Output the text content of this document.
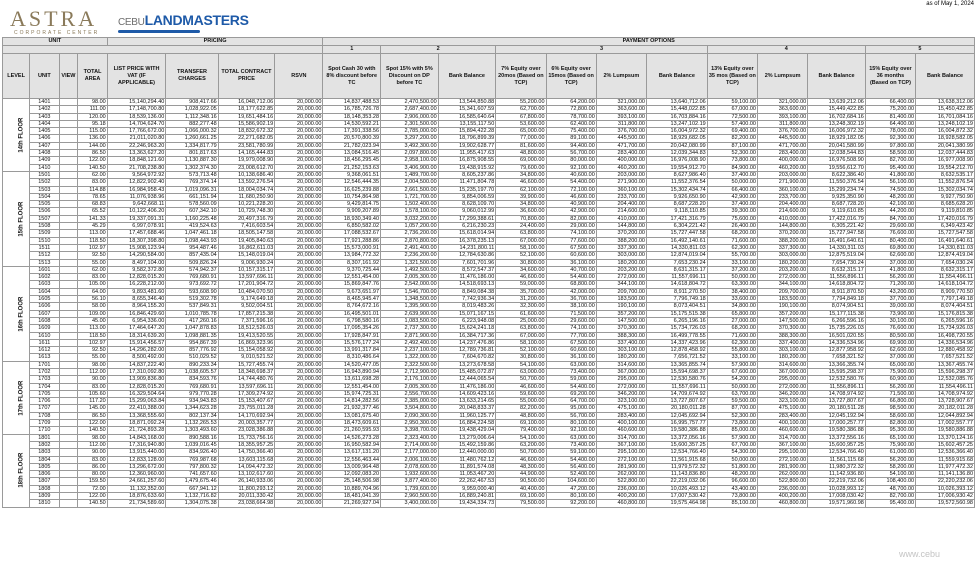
ASTRA
CORPORATE CENTER
CEBULANDMASTERS
as of May 1, 2024
UNIT				PRICING				PAYMENT OPTIONS											
								1	2		3				4			5	
LEVEL	UNIT	VIEW	TOTAL AREA	LIST PRICE WITH VAT (IF APPLICABLE)	TRANSFER CHARGES	TOTAL CONTRACT PRICE	RSVN	Spot Cash 30 with 8% discount before TC	Spot 15% with 5% Discount on DP before TC	Bank Balance	7% Equity over 20mos (Based on TCP)	6% Equity over 15mos (Based on TCP)	2% Lumpsum	Bank Balance	13% Equity over 35 mos (Based on TCP)	2% Lumpsum	Bank Balance	15% Equity over 36 months (Based on TCP)	Bank Balance
14th FLOOR	1401		98.00	15,140,294.40	908,417.66	16,048,712.06	20,000.00	14,837,488.53	2,470,500.00	13,544,850.88	55,200.00	64,200.00	321,000.00	13,640,712.06	59,100.00	321,000.00	13,639,212.06	66,400.00	13,638,312.06
	1402		111.00	17,148,700.80	1,028,922.05	18,177,622.85	20,000.00	16,785,726.78	2,687,400.00	15,341,607.59	62,700.00	72,800.00	363,600.00	15,448,022.85	67,000.00	363,600.00	15,449,422.85	75,200.00	15,450,422.85
	1403		120.00	18,539,136.00	1,112,348.16	19,651,484.16	20,000.00	18,148,353.28	2,906,000.00	16,585,640.64	67,800.00	78,700.00	393,100.00	16,703,884.16	72,500.00	393,100.00	16,702,684.16	81,400.00	16,701,084.16
	1404		95.18	14,704,624.70	882,277.48	15,586,902.19	20,000.00	14,530,592.21	2,301,500.00	13,155,117.50	53,600.00	62,400.00	311,800.00	13,247,102.19	57,400.00	311,800.00	13,248,302.19	64,400.00	13,248,102.19
	1405		115.00	17,766,672.00	1,066,000.32	18,832,672.32	20,000.00	17,391,338.56	2,785,000.00	15,894,422.28	65,000.00	75,400.00	376,700.00	16,004,972.32	69,400.00	376,700.00	16,006,972.32	78,000.00	16,004,872.32
	1406		136.00	21,011,020.80	1,260,661.25	22,271,682.05	20,000.00	20,570,800.39	3,297,200.00	18,796,899.39	77,000.00	89,100.00	445,500.00	18,929,682.05	82,200.00	445,500.00	18,929,182.05	92,300.00	18,928,582.05
	1407		144.00	22,246,963.20	1,334,817.79	23,581,780.99	20,000.00	21,782,023.94	3,492,300.00	19,902,628.77	81,600.00	94,400.00	471,700.00	20,042,080.99	87,100.00	471,700.00	20,041,580.99	97,800.00	20,041,380.99
	1408		86.50	13,363,627.20	801,817.63	14,165,444.83	20,000.00	13,084,516.45	2,097,800.00	11,955,417.63	48,800.00	56,700.00	283,400.00	12,039,344.83	52,300.00	283,400.00	12,038,544.83	58,500.00	12,037,444.83
	1409		122.00	18,848,121.60	1,130,887.30	19,979,008.90	20,000.00	18,456,295.45	2,958,100.00	16,875,908.55	69,000.00	80,000.00	400,000.00	16,976,008.90	73,800.00	400,000.00	16,976,508.90	82,700.00	16,977,008.90
	1410		140.50	21,708,238.80	1,302,374.30	23,008,612.70	20,000.00	21,252,153.63	3,406,900.00	19,438,915.92	79,600.00	92,100.00	460,200.00	19,554,912.70	84,900.00	460,200.00	19,556,612.70	95,400.00	19,554,212.70
15th FLOOR	1501		62.00	9,564,972.92	573,713.48	10,138,686.40	20,000.00	9,368,061.51	1,489,700.00	8,605,237.86	34,800.00	40,600.00	203,000.00	8,627,986.40	37,400.00	203,000.00	8,622,386.40	41,800.00	8,632,535.17
	1502		83.00	12,822,902.40	769,374.14	13,592,276.54	20,000.00	12,546,444.35	2,004,500.00	11,471,804.78	46,600.00	54,400.00	271,900.00	11,552,376.54	50,000.00	271,900.00	11,550,376.54	56,100.00	11,552,876.54
	1503		114.88	16,984,958.43	1,019,096.31	18,004,034.74	20,000.00	16,625,239.88	2,661,500.00	15,235,197.70	62,100.00	72,100.00	360,100.00	15,302,434.74	66,400.00	360,100.00	15,299,234.74	74,500.00	15,302,034.74
	1504		78.65	11,076,938.96	661,151.94	11,680,250.90	20,000.00	10,754,864.98	1,721,700.00	9,854,006.59	39,900.00	46,600.00	233,700.00	9,926,650.90	42,900.00	233,700.00	9,925,350.90	48,200.00	9,927,750.90
	1505		68.83	9,642,668.11	578,560.09	10,221,228.20	20,000.00	9,429,814.75	1,502,400.00	8,628,109.70	34,800.00	40,900.00	204,400.00	8,687,228.20	37,400.00	204,400.00	8,687,728.20	42,100.00	8,685,628.20
	1506		65.52	10,122,406.20	607,342.10	10,729,748.30	20,000.00	9,909,207.89	1,578,100.00	9,060,012.99	36,600.00	42,900.00	214,600.00	9,118,110.85	39,300.00	214,600.00	9,119,610.85	44,200.00	9,119,810.85
	1507		141.33	19,337,091.31	1,160,225.48	20,497,316.79	20,000.00	18,930,349.40	3,032,200.00	17,299,388.61	70,800.00	82,000.00	410,000.00	17,421,316.79	75,600.00	410,000.00	17,422,016.79	84,700.00	17,420,016.79
	1508		45.29	6,997,078.91	419,524.63	7,416,603.54	20,000.00	6,850,582.02	1,057,200.00	6,216,230.23	24,400.00	29,000.00	144,800.00	6,304,221.42	26,400.00	144,800.00	6,305,221.42	29,600.00	6,349,423.42
	1509		113.00	17,457,688.46	1,047,461.18	18,505,147.58	20,000.00	17,088,532.67	2,736,200.00	15,618,014.94	63,800.00	74,100.00	370,200.00	15,727,447.58	68,200.00	370,200.00	15,727,947.58	76,600.00	15,727,547.58
	1510		118.50	18,307,398.80	1,098,443.93	19,405,840.63	20,000.00	17,921,288.86	2,870,800.00	16,378,235.13	67,000.00	77,600.00	388,200.00	16,492,140.61	71,600.00	388,200.00	16,491,640.61	80,400.00	16,491,640.61
	1511		102.97	15,908,123.94	954,487.46	16,862,611.03	20,000.00	15,573,000.91	2,491,400.00	14,231,800.11	58,100.00	67,500.00	337,300.00	14,330,811.03	62,300.00	337,300.00	14,330,311.03	69,800.00	14,330,811.03
	1512		92.50	14,290,584.00	857,435.04	15,148,019.04	20,000.00	13,984,772.32	2,236,200.00	12,784,630.86	52,100.00	60,600.00	303,000.00	12,874,019.04	55,700.00	303,000.00	12,875,519.04	62,600.00	12,874,419.04
	1513		55.00	8,497,104.00	509,826.24	9,006,930.24	20,000.00	8,307,161.92	1,321,500.00	7,601,701.96	30,800.00	36,100.00	180,200.00	7,653,230.24	33,100.00	180,200.00	7,654,730.24	37,000.00	7,654,030.24
16th FLOOR	1601		62.00	9,582,372.80	574,942.37	10,157,315.17	20,000.00	9,370,725.44	1,492,500.00	8,572,547.37	34,600.00	40,700.00	203,200.00	8,631,315.17	37,200.00	203,200.00	8,632,315.17	41,800.00	8,632,315.17
	1602		83.00	12,828,015.20	769,680.91	13,597,696.11	20,000.00	12,551,454.00	2,005,300.00	11,476,186.00	46,600.00	54,400.00	272,000.00	11,557,696.11	50,000.00	272,000.00	11,556,896.11	56,200.00	11,554,496.11
	1603		105.00	16,228,212.00	973,692.72	17,201,904.72	20,000.00	15,869,847.76	2,542,000.00	14,518,693.13	59,000.00	68,800.00	344,100.00	14,618,804.72	63,300.00	344,100.00	14,618,804.72	71,200.00	14,618,104.72
	1604		64.00	9,893,481.60	593,608.90	10,484,070.50	20,000.00	9,673,651.97	1,546,700.00	8,849,084.38	35,700.00	42,000.00	209,700.00	8,911,270.50	38,400.00	209,700.00	8,911,870.50	43,200.00	8,909,770.50
	1605		56.10	8,655,346.40	519,302.78	9,174,649.18	20,000.00	8,465,945.47	1,348,500.00	7,742,936.34	31,200.00	36,700.00	183,500.00	7,796,749.18	33,600.00	183,500.00	7,794,849.18	37,700.00	7,797,149.18
	1606		58.00	8,964,155.20	537,849.31	9,502,004.51	20,000.00	8,764,672.16	1,395,900.00	8,019,483.26	32,300.00	38,100.00	190,100.00	8,073,404.51	34,800.00	190,100.00	8,074,904.51	39,000.00	8,074,404.51
	1607		109.00	16,846,429.60	1,010,785.78	17,857,215.38	20,000.00	16,495,501.01	2,639,900.00	15,071,167.15	61,600.00	71,500.00	357,200.00	15,175,515.38	65,800.00	357,200.00	15,177,115.38	73,900.00	15,176,815.38
	1608		45.00	6,954,336.00	417,260.16	7,371,596.16	20,000.00	6,798,580.16	1,083,500.00	6,223,948.08	25,000.00	29,600.00	147,500.00	6,265,196.16	27,000.00	147,500.00	6,266,596.16	30,100.00	6,265,596.16
	1609		113.00	17,464,647.20	1,047,878.83	18,512,526.03	20,000.00	17,095,354.26	2,737,300.00	15,624,241.18	63,800.00	74,100.00	370,300.00	15,734,726.03	68,200.00	370,300.00	15,735,226.03	76,600.00	15,734,926.03
	1610		118.50	18,314,639.20	1,098,881.35	19,413,520.55	20,000.00	17,928,847.91	2,871,900.00	16,384,717.36	67,000.00	77,700.00	388,300.00	16,499,778.55	71,600.00	388,300.00	16,501,020.55	80,500.00	16,498,720.55
	1611		102.97	15,914,456.57	954,867.39	16,869,323.96	20,000.00	15,576,177.24	2,492,400.00	14,237,476.86	58,100.00	67,500.00	337,400.00	14,337,423.96	62,300.00	337,400.00	14,336,534.96	69,900.00	14,336,534.96
	1612		92.50	14,296,282.00	857,776.92	15,154,058.92	20,000.00	13,991,317.84	2,237,100.00	12,789,736.81	52,100.00	60,600.00	303,100.00	12,878,458.92	55,800.00	303,100.00	12,877,958.92	62,600.00	12,880,458.92
	1613		55.00	8,500,492.00	510,029.52	9,010,521.52	20,000.00	8,310,486.64	1,322,000.00	7,604,670.82	30,800.00	36,100.00	180,200.00	7,656,721.52	33,100.00	180,200.00	7,658,321.52	37,000.00	7,657,521.52
17th FLOOR	1701		98.00	14,837,222.40	890,233.34	15,727,455.74	20,000.00	14,520,477.05	2,322,500.00	13,273,678.58	54,100.00	63,000.00	314,600.00	13,365,855.74	57,900.00	314,600.00	13,366,355.74	65,000.00	13,367,455.74
	1702		112.00	17,310,092.80	1,038,605.57	18,348,698.37	20,000.00	16,943,890.94	2,712,900.00	15,485,072.87	63,000.00	73,400.00	367,000.00	15,594,698.37	67,600.00	367,000.00	15,595,298.37	75,900.00	15,596,298.37
	1703		90.00	13,909,836.80	834,593.76	14,744,480.76	20,000.00	13,611,698.28	2,176,100.00	12,444,065.54	50,700.00	59,000.00	295,000.00	12,530,580.76	54,200.00	295,000.00	12,532,580.76	60,900.00	12,532,085.76
	1704		83.00	12,828,015.20	769,680.91	13,597,696.11	20,000.00	12,551,454.00	2,005,300.00	11,476,186.00	46,600.00	54,400.00	272,000.00	11,557,696.11	50,000.00	272,000.00	11,556,896.11	56,200.00	11,554,496.11
	1705		105.60	16,329,504.64	979,770.28	17,309,274.92	20,000.00	15,974,725.31	2,556,700.00	14,609,423.16	59,600.00	69,200.00	346,200.00	14,709,674.92	63,700.00	346,200.00	14,708,974.92	71,500.00	14,708,974.92
	1706		117.20	15,299,063.84	934,943.83	15,153,407.67	20,000.00	14,814,282.56	2,385,000.00	13,633,214.65	55,000.00	64,700.00	323,100.00	13,727,807.67	59,500.00	323,100.00	13,727,807.67	66,800.00	13,728,907.67
	1707		145.00	22,410,388.00	1,344,623.28	23,755,011.28	20,000.00	21,932,377.46	3,504,800.00	20,048,833.37	82,200.00	95,000.00	475,100.00	20,180,011.28	87,700.00	475,100.00	20,180,511.28	98,500.00	20,182,011.28
	1708		86.50	13,368,555.60	802,137.34	14,170,692.94	20,000.00	13,081,675.40	2,090,300.00	11,960,125.77	48,800.00	56,700.00	283,400.00	12,045,692.94	52,300.00	283,400.00	12,045,192.94	58,600.00	12,044,892.94
	1709		122.00	18,871,092.24	1,132,265.53	20,003,357.77	20,000.00	18,473,609.61	2,950,300.00	16,884,224.58	69,100.00	80,100.00	400,100.00	16,995,757.77	73,800.00	400,100.00	17,000,257.77	82,800.00	17,002,557.77
	1710		140.50	21,724,893.28	1,303,493.60	23,028,386.88	20,000.00	21,260,595.93	3,398,700.00	19,438,429.04	79,400.00	92,100.00	460,600.00	19,580,386.88	85,000.00	460,600.00	19,580,386.88	95,300.00	19,580,886.88
18th FLOOR	1801		98.00	14,843,168.00	890,588.16	15,733,756.16	20,000.00	14,526,273.28	2,323,400.00	13,279,006.64	54,100.00	63,000.00	314,700.00	13,372,056.16	57,900.00	314,700.00	13,372,556.16	65,100.00	13,370,124.16
	1802		112.00	17,316,940.80	1,039,016.45	18,355,957.25	20,000.00	16,950,582.94	2,714,000.00	15,492,159.86	63,200.00	73,400.00	367,100.00	15,600,357.25	67,700.00	367,100.00	15,600,957.25	75,900.00	15,602,457.25
	1803		90.00	13,915,440.00	834,926.40	14,750,366.40	20,000.00	13,617,131.20	2,177,000.00	12,440,000.00	50,700.00	59,100.00	295,100.00	12,534,766.40	54,300.00	295,100.00	12,534,766.40	61,000.00	12,536,366.40
	1804		83.00	12,833,128.00	769,987.68	13,603,115.68	20,000.00	12,556,463.44	2,006,100.00	11,480,762.12	46,600.00	54,400.00	272,100.00	11,561,915.68	50,000.00	272,100.00	11,561,115.68	56,200.00	11,559,915.68
	1805		86.00	13,296,672.00	797,800.32	14,094,472.32	20,000.00	13,009,964.48	2,078,600.00	11,891,574.08	48,300.00	56,400.00	281,900.00	11,979,572.32	51,800.00	281,900.00	11,980,372.32	58,200.00	11,977,472.32
	1806		80.00	12,360,960.00	741,657.60	13,102,617.60	20,000.00	12,092,083.20	1,932,600.00	11,053,467.20	44,900.00	52,400.00	262,000.00	11,143,836.80	48,200.00	262,000.00	11,142,936.80	54,100.00	11,141,136.80
	1807		159.50	24,661,257.60	1,479,675.46	26,140,933.06	20,000.00	25,148,506.98	3,877,400.00	22,262,467.53	90,500.00	104,600.00	522,800.00	22,219,032.06	96,600.00	522,800.00	22,219,732.06	108,400.00	22,220,232.06
	1808		72.00	11,132,352.00	667,941.12	11,800,293.12	20,000.00	10,889,704.96	1,739,600.00	9,959,000.40	40,400.00	47,200.00	236,000.00	10,026,493.12	43,400.00	236,000.00	10,028,993.12	48,700.00	10,026,393.12
	1809		122.00	18,876,633.60	1,132,716.82	20,011,330.42	20,000.00	18,481,041.39	2,960,500.00	16,889,240.81	69,100.00	80,100.00	400,200.00	17,007,530.42	73,800.00	400,200.00	17,008,030.42	82,700.00	17,006,930.42
	1810		140.50	21,734,589.60	1,304,075.38	23,038,664.98	20,000.00	21,269,927.04	3,400,000.00	19,434,334.73	79,500.00	92,200.00	460,800.00	19,575,464.98	85,100.00	460,800.00	19,571,960.98	95,400.00	19,572,560.98
www.cebu
